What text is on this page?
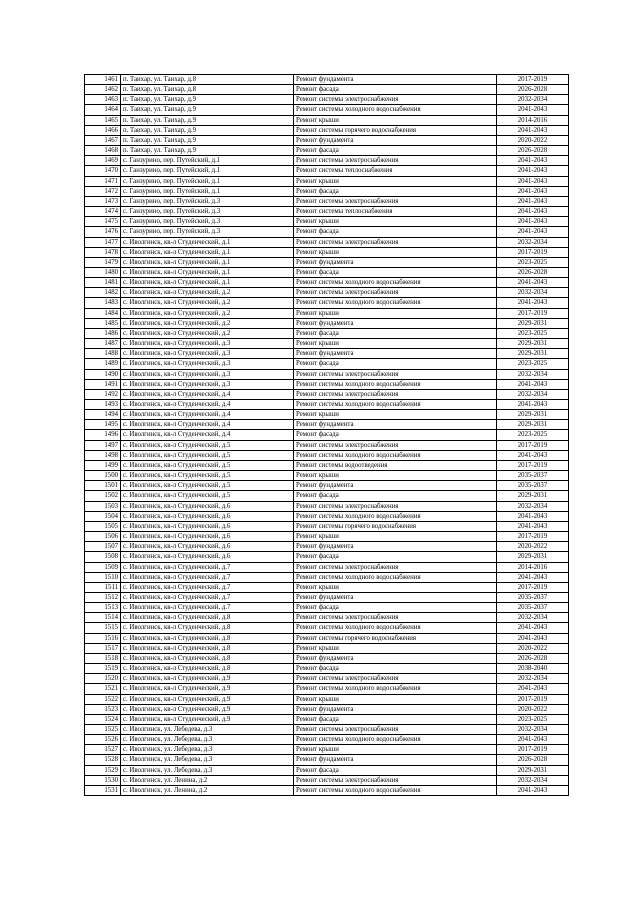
1461	п. Таихар, ул. Таихар, д.8	Ремонт фундамента	2017-2019
1462	п. Таихар, ул. Таихар, д.8	Ремонт фасада	2026-2028
1463	п. Таихар, ул. Таихар, д.9	Ремонт системы электроснабжения	2032-2034
1464	п. Таихар, ул. Таихар, д.9	Ремонт системы холодного водоснабжения	2041-2043
1465	п. Таихар, ул. Таихар, д.9	Ремонт крыши	2014-2016
1466	п. Таихар, ул. Таихар, д.9	Ремонт системы горячего водоснабжения	2041-2043
1467	п. Таихар, ул. Таихар, д.9	Ремонт фундамента	2020-2022
1468	п. Таихар, ул. Таихар, д.9	Ремонт фасада	2026-2028
1469	с. Ганзурино, пер. Путейский, д.1	Ремонт системы электроснабжения	2041-2043
1470	с. Ганзурино, пер. Путейский, д.1	Ремонт системы теплоснабжения	2041-2043
1471	с. Ганзурино, пер. Путейский, д.1	Ремонт крыши	2041-2043
1472	с. Ганзурино, пер. Путейский, д.1	Ремонт фасада	2041-2043
1473	с. Ганзурино, пер. Путейский, д.3	Ремонт системы электроснабжения	2041-2043
1474	с. Ганзурино, пер. Путейский, д.3	Ремонт системы теплоснабжения	2041-2043
1475	с. Ганзурино, пер. Путейский, д.3	Ремонт крыши	2041-2043
1476	с. Ганзурино, пер. Путейский, д.3	Ремонт фасада	2041-2043
1477	с. Иволгинск, кв-л Студенческий, д.1	Ремонт системы электроснабжения	2032-2034
1478	с. Иволгинск, кв-л Студенческий, д.1	Ремонт крыши	2017-2019
1479	с. Иволгинск, кв-л Студенческий, д.1	Ремонт фундамента	2023-2025
1480	с. Иволгинск, кв-л Студенческий, д.1	Ремонт фасада	2026-2028
1481	с. Иволгинск, кв-л Студенческий, д.1	Ремонт системы холодного водоснабжения	2041-2043
1482	с. Иволгинск, кв-л Студенческий, д.2	Ремонт системы электроснабжения	2032-2034
1483	с. Иволгинск, кв-л Студенческий, д.2	Ремонт системы холодного водоснабжения	2041-2043
1484	с. Иволгинск, кв-л Студенческий, д.2	Ремонт крыши	2017-2019
1485	с. Иволгинск, кв-л Студенческий, д.2	Ремонт фундамента	2029-2031
1486	с. Иволгинск, кв-л Студенческий, д.2	Ремонт фасада	2023-2025
1487	с. Иволгинск, кв-л Студенческий, д.3	Ремонт крыши	2029-2031
1488	с. Иволгинск, кв-л Студенческий, д.3	Ремонт фундамента	2029-2031
1489	с. Иволгинск, кв-л Студенческий, д.3	Ремонт фасада	2023-2025
1490	с. Иволгинск, кв-л Студенческий, д.3	Ремонт системы электроснабжения	2032-2034
1491	с. Иволгинск, кв-л Студенческий, д.3	Ремонт системы холодного водоснабжения	2041-2043
1492	с. Иволгинск, кв-л Студенческий, д.4	Ремонт системы электроснабжения	2032-2034
1493	с. Иволгинск, кв-л Студенческий, д.4	Ремонт системы холодного водоснабжения	2041-2043
1494	с. Иволгинск, кв-л Студенческий, д.4	Ремонт крыши	2029-2031
1495	с. Иволгинск, кв-л Студенческий, д.4	Ремонт фундамента	2029-2031
1496	с. Иволгинск, кв-л Студенческий, д.4	Ремонт фасада	2023-2025
1497	с. Иволгинск, кв-л Студенческий, д.5	Ремонт системы электроснабжения	2017-2019
1498	с. Иволгинск, кв-л Студенческий, д.5	Ремонт системы холодного водоснабжения	2041-2043
1499	с. Иволгинск, кв-л Студенческий, д.5	Ремонт системы водоотведения	2017-2019
1500	с. Иволгинск, кв-л Студенческий, д.5	Ремонт крыши	2035-2037
1501	с. Иволгинск, кв-л Студенческий, д.5	Ремонт фундамента	2035-2037
1502	с. Иволгинск, кв-л Студенческий, д.5	Ремонт фасада	2029-2031
1503	с. Иволгинск, кв-л Студенческий, д.6	Ремонт системы электроснабжения	2032-2034
1504	с. Иволгинск, кв-л Студенческий, д.6	Ремонт системы холодного водоснабжения	2041-2043
1505	с. Иволгинск, кв-л Студенческий, д.6	Ремонт системы горячего водоснабжения	2041-2043
1506	с. Иволгинск, кв-л Студенческий, д.6	Ремонт крыши	2017-2019
1507	с. Иволгинск, кв-л Студенческий, д.6	Ремонт фундамента	2020-2022
1508	с. Иволгинск, кв-л Студенческий, д.6	Ремонт фасада	2029-2031
1509	с. Иволгинск, кв-л Студенческий, д.7	Ремонт системы электроснабжения	2014-2016
1510	с. Иволгинск, кв-л Студенческий, д.7	Ремонт системы холодного водоснабжения	2041-2043
1511	с. Иволгинск, кв-л Студенческий, д.7	Ремонт крыши	2017-2019
1512	с. Иволгинск, кв-л Студенческий, д.7	Ремонт фундамента	2035-2037
1513	с. Иволгинск, кв-л Студенческий, д.7	Ремонт фасада	2035-2037
1514	с. Иволгинск, кв-л Студенческий, д.8	Ремонт системы электроснабжения	2032-2034
1515	с. Иволгинск, кв-л Студенческий, д.8	Ремонт системы холодного водоснабжения	2041-2043
1516	с. Иволгинск, кв-л Студенческий, д.8	Ремонт системы горячего водоснабжения	2041-2043
1517	с. Иволгинск, кв-л Студенческий, д.8	Ремонт крыши	2020-2022
1518	с. Иволгинск, кв-л Студенческий, д.8	Ремонт фундамента	2026-2028
1519	с. Иволгинск, кв-л Студенческий, д.8	Ремонт фасада	2038-2040
1520	с. Иволгинск, кв-л Студенческий, д.9	Ремонт системы электроснабжения	2032-2034
1521	с. Иволгинск, кв-л Студенческий, д.9	Ремонт системы холодного водоснабжения	2041-2043
1522	с. Иволгинск, кв-л Студенческий, д.9	Ремонт крыши	2017-2019
1523	с. Иволгинск, кв-л Студенческий, д.9	Ремонт фундамента	2020-2022
1524	с. Иволгинск, кв-л Студенческий, д.9	Ремонт фасада	2023-2025
1525	с. Иволгинск, ул. Лебедева, д.3	Ремонт системы электроснабжения	2032-2034
1526	с. Иволгинск, ул. Лебедева, д.3	Ремонт системы холодного водоснабжения	2041-2043
1527	с. Иволгинск, ул. Лебедева, д.3	Ремонт крыши	2017-2019
1528	с. Иволгинск, ул. Лебедева, д.3	Ремонт фундамента	2026-2028
1529	с. Иволгинск, ул. Лебедева, д.3	Ремонт фасада	2029-2031
1530	с. Иволгинск, ул. Ленина, д.2	Ремонт системы электроснабжения	2032-2034
1531	с. Иволгинск, ул. Ленина, д.2	Ремонт системы холодного водоснабжения	2041-2043
